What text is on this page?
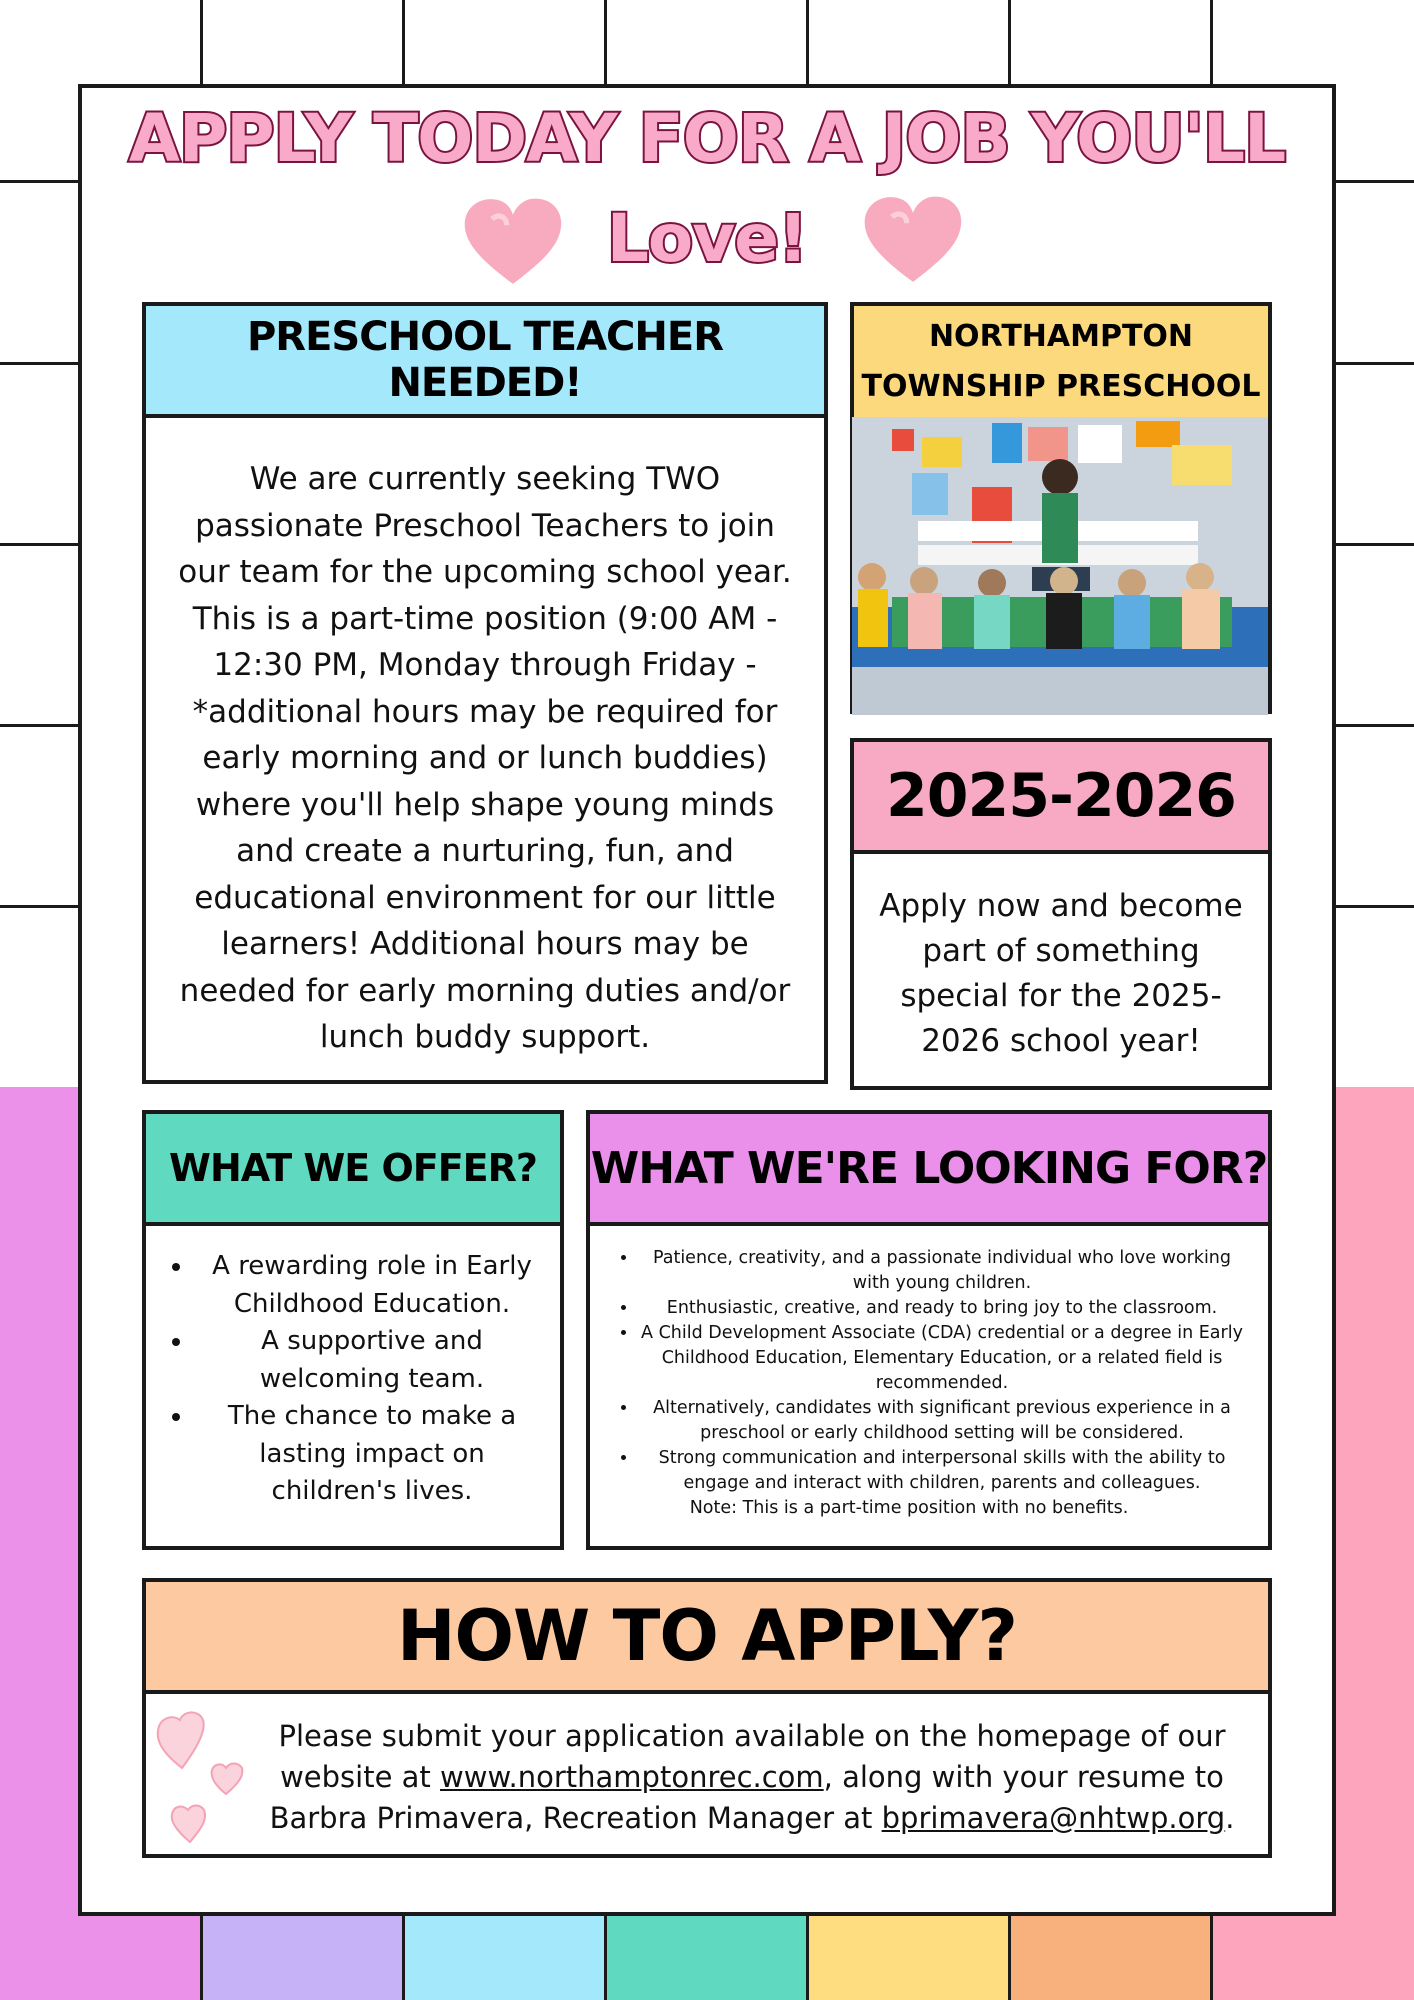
APPLY TODAY FOR A JOB YOU'LL
Love!
PRESCHOOL TEACHER NEEDED!
We are currently seeking TWO passionate Preschool Teachers to join our team for the upcoming school year. This is a part-time position (9:00 AM - 12:30 PM, Monday through Friday - *additional hours may be required for early morning and or lunch buddies) where you'll help shape young minds and create a nurturing, fun, and educational environment for our little learners! Additional hours may be needed for early morning duties and/or lunch buddy support.
NORTHAMPTON
TOWNSHIP PRESCHOOL
2025-2026
Apply now and become part of something special for the 2025-2026 school year!
WHAT WE OFFER?
• A rewarding role in Early Childhood Education.
• A supportive and welcoming team.
• The chance to make a lasting impact on children's lives.
WHAT WE'RE LOOKING FOR?
• Patience, creativity, and a passionate individual who love working with young children.
• Enthusiastic, creative, and ready to bring joy to the classroom.
• A Child Development Associate (CDA) credential or a degree in Early Childhood Education, Elementary Education, or a related field is recommended.
• Alternatively, candidates with significant previous experience in a preschool or early childhood setting will be considered.
• Strong communication and interpersonal skills with the ability to engage and interact with children, parents and colleagues.
Note: This is a part-time position with no benefits.
HOW TO APPLY?
Please submit your application available on the homepage of our website at www.northamptonrec.com, along with your resume to Barbra Primavera, Recreation Manager at bprimavera@nhtwp.org.
